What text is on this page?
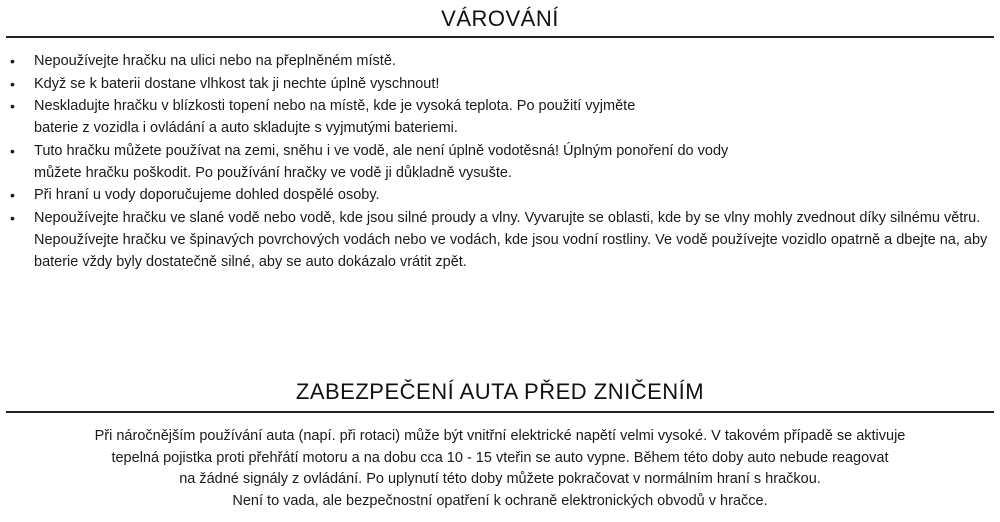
VÁROVÁNÍ
• Nepoužívejte hračku na ulici nebo na přeplněném místě.
• Když se k baterii dostane vlhkost tak ji nechte úplně vyschnout!
• Neskladujte hračku v blízkosti topení nebo na místě, kde je vysoká teplota. Po použití vyjměte baterie z vozidla i ovládání a auto skladujte s vyjmutými bateriemi.
• Tuto hračku můžete používat na zemi, sněhu i ve vodě, ale není úplně vodotěsná! Úplným ponoření do vody můžete hračku poškodit. Po používání hračky ve vodě ji důkladně vysušte.
• Při hraní u vody doporučujeme dohled dospělé osoby.
• Nepoužívejte hračku ve slané vodě nebo vodě, kde jsou silné proudy a vlny. Vyvarujte se oblasti, kde by se vlny mohly zvednout díky silnému větru. Nepoužívejte hračku ve špinavých povrchových vodách nebo ve vodách, kde jsou vodní rostliny. Ve vodě používejte vozidlo opatrně a dbejte na, aby baterie vždy byly dostatečně silné, aby se auto dokázalo vrátit zpět.
ZABEZPEČENÍ AUTA PŘED ZNIČENÍM

Při náročnějším používání auta (napí. při rotaci) může být vnitřní elektrické napětí velmi vysoké. V takovém případě se aktivuje
tepelná pojistka proti přehřátí motoru a na dobu cca 10 - 15 vteřin se auto vypne. Během této doby auto nebude reagovat
na žádné signály z ovládání. Po uplynutí této doby můžete pokračovat v normálním hraní s hračkou.
Není to vada, ale bezpečnostní opatření k ochraně elektronických obvodů v hračce.
